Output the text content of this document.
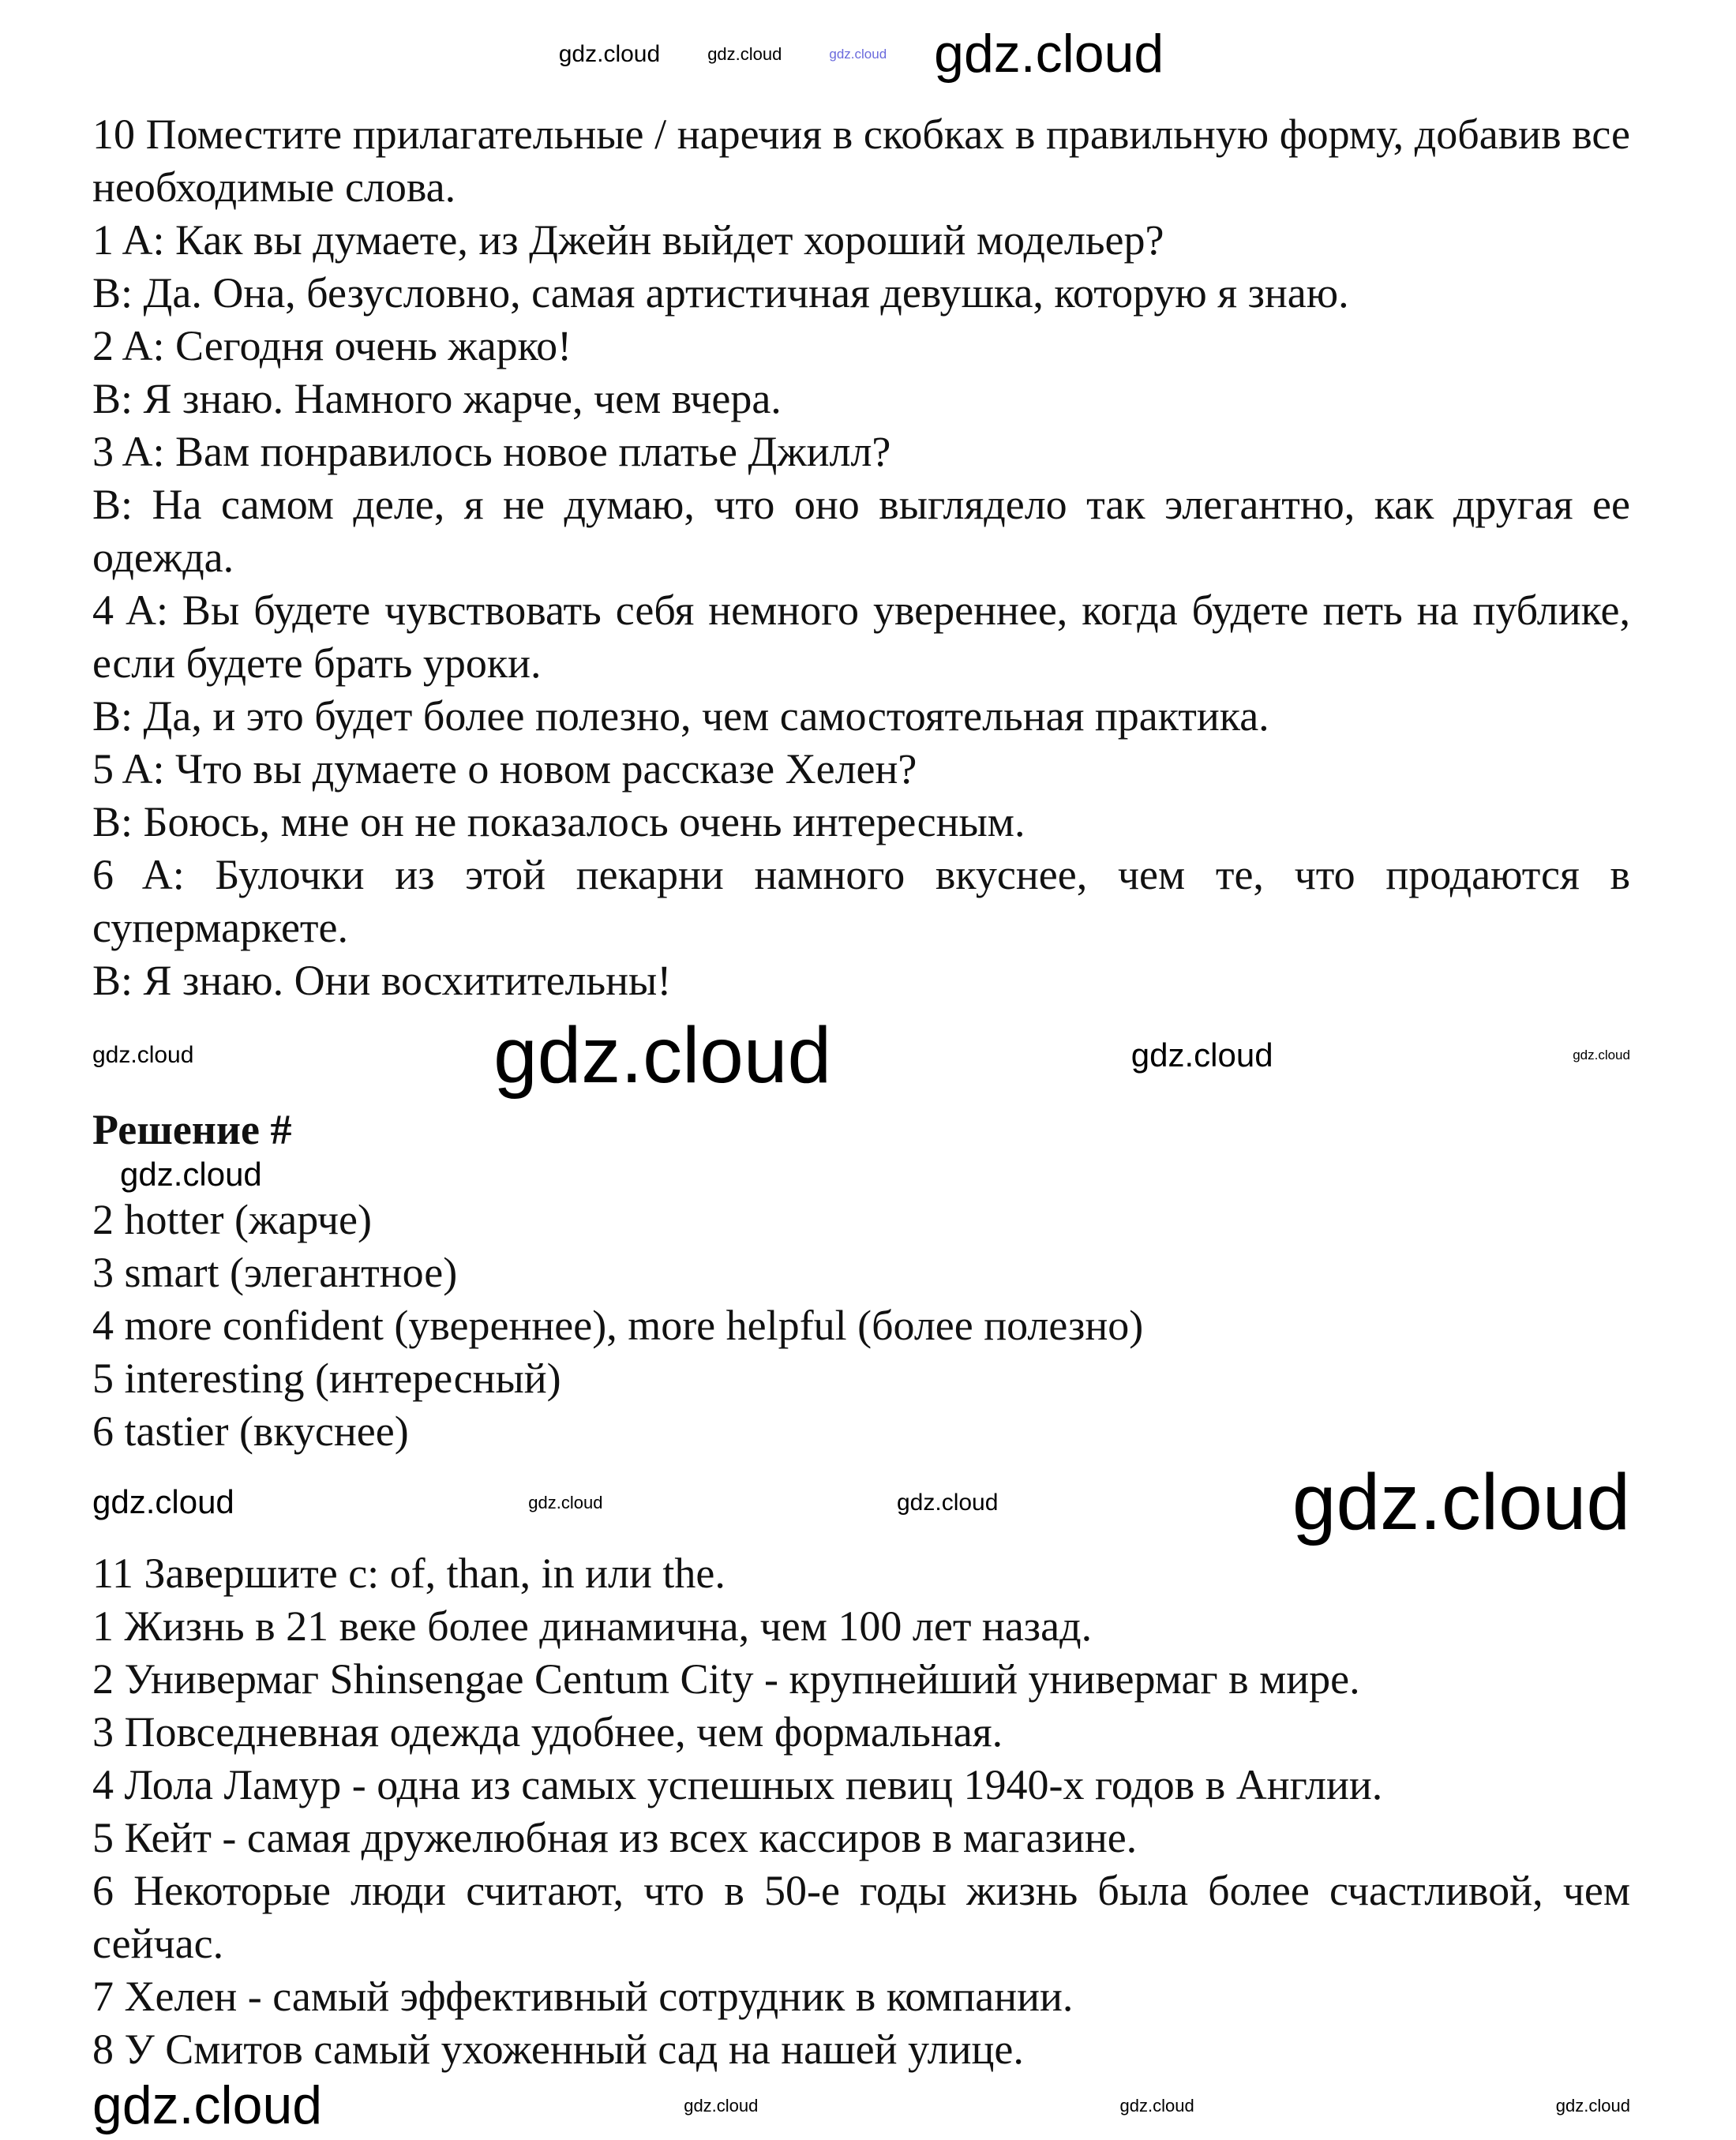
gdz.cloud	gdz.cloud	gdz.cloud gdz.cloud
10 Поместите прилагательные / наречия в скобках в правильную форму, добавив все необходимые слова.
1 A: Как вы думаете, из Джейн выйдет хороший модельер?
B: Да. Она, безусловно, самая артистичная девушка, которую я знаю.
2 A: Сегодня очень жарко!
B: Я знаю. Намного жарче, чем вчера.
3 A: Вам понравилось новое платье Джилл?
B: На самом деле, я не думаю, что оно выглядело так элегантно, как другая ее одежда.
4 A: Вы будете чувствовать себя немного увереннее, когда будете петь на публике, если будете брать уроки.
B: Да, и это будет более полезно, чем самостоятельная практика.
5 A: Что вы думаете о новом рассказе Хелен?
B: Боюсь, мне он не показалось очень интересным.
6 A: Булочки из этой пекарни намного вкуснее, чем те, что продаются в супермаркете.
B: Я знаю. Они восхитительны!
gdz.cloud	gdz.cloud	gdz.cloud	gdz.cloud
Решение #
gdz.cloud
2 hotter (жарче)
3 smart (элегантное)
4 more confident (увереннее), more helpful (более полезно)
5 interesting (интересный)
6 tastier (вкуснее)
gdz.cloud	gdz.cloud	gdz.cloud	gdz.cloud
11 Завершите с: of, than, in или the.
1 Жизнь в 21 веке более динамична, чем 100 лет назад.
2 Универмаг Shinsengae Centum City - крупнейший универмаг в мире.
3 Повседневная одежда удобнее, чем формальная.
4 Лола Ламур - одна из самых успешных певиц 1940-х годов в Англии.
5 Кейт - самая дружелюбная из всех кассиров в магазине.
6 Некоторые люди считают, что в 50-е годы жизнь была более счастливой, чем сейчас.
7 Хелен - самый эффективный сотрудник в компании.
8 У Смитов самый ухоженный сад на нашей улице.
gdz.cloud	gdz.cloud	gdz.cloud	gdz.cloud
